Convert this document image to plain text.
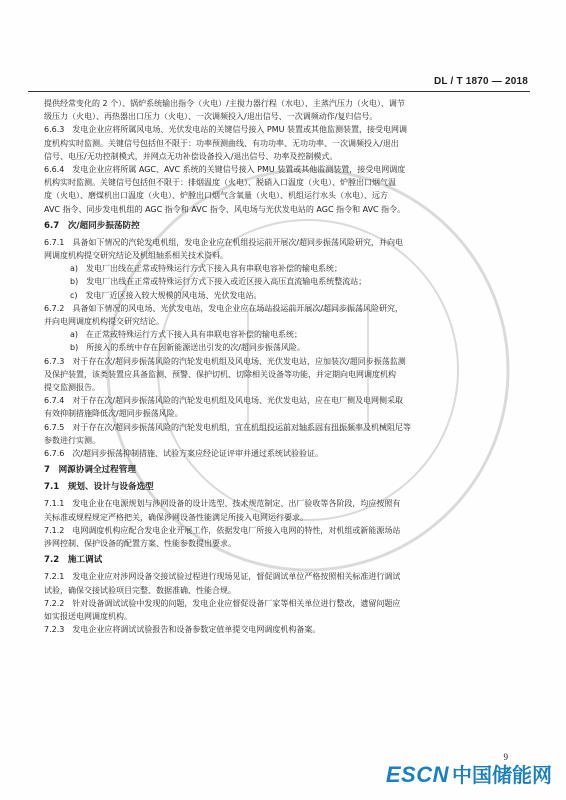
DL / T 1870 — 2018
提供经常变化的 2 个）、锅炉系统输出指令（火电）/主搅力器行程（水电）、主蒸汽压力（火电）、调节
级压力（火电）、再热器出口压力（火电）、一次调频投入/退出信号、一次调频动作/复归信号。
6.6.3　发电企业应将所属风电场、光伏发电站的关键信号接入 PMU 装置或其他监测装置，接受电网调
度机构实时监测。关键信号包括但不限于：功率预测曲线、有功功率、无功功率、一次调频投入/退出
信号、电压/无功控制模式，并网点无功补偿设备投入/退出信号、功率及控制模式。
6.6.4　发电企业应将所属 AGC、AVC 系统的关键信号接入 PMU 装置或其他监测装置，接受电网调度
机构实时监测。关键信号包括但不限于：排烟温度（火电）、脱硝入口温度（火电）、炉膛出口烟气温
度（火电）、磨煤机出口温度（火电）、炉膛出口烟气含氧量（火电）、机组运行水头（水电）、远方
AVC 指令、同步发电机组的 AGC 指令和 AVC 指令、风电场与光伏发电站的 AGC 指令和 AVC 指令。
6.7　次/超同步振荡防控
6.7.1　具备如下情况的汽轮发电机组，发电企业应在机组投运前开展次/超同步振荡风险研究，并向电
网调度机构提交研究结论及机组轴系相关技术资料。
a)　发电厂出线在正常或特殊运行方式下接入具有串联电容补偿的输电系统；
b)　发电厂出线在正常或特殊运行方式下接入或近区接入高压直流输电系统整流站；
c)　发电厂近区接入较大规模的风电场、光伏发电站。
6.7.2　具备如下情况的风电场、光伏发电站，发电企业应在场站投运前开展次/超同步振荡风险研究，
并向电网调度机构提交研究结论。
a)　在正常或特殊运行方式下接入具有串联电容补偿的输电系统；
b)　所接入的系统中存在因新能源送出引发的次/超同步振荡风险。
6.7.3　对于存在次/超同步振荡风险的汽轮发电机组及风电场、光伏发电站，应加装次/超同步振荡监测
及保护装置，该类装置应具备监测、预警、保护切机、切除相关设备等功能，并定期向电网调度机构
提交监测报告。
6.7.4　对于存在次/超同步振荡风险的汽轮发电机组及风电场、光伏发电站，应在电厂侧及电网侧采取
有效抑制措施降低次/超同步振荡风险。
6.7.5　对于存在次/超同步振荡风险的汽轮发电机组，宜在机组投运前对轴系固有扭振频率及机械阻尼等
参数进行实测。
6.7.6　次/超同步振荡抑制措施、试验方案应经论证评审并通过系统试验验证。
7　网源协调全过程管理
7.1　规划、设计与设备选型
7.1.1　发电企业在电源规划与涉网设备的设计选型、技术规范制定、出厂验收等各阶段，均应按照有
关标准或规程规定严格把关，确保涉网设备性能满足所接入电网运行要求。
7.1.2　电网调度机构应配合发电企业开展工作，依据发电厂所接入电网的特性，对机组或新能源场站
涉网控制、保护设备的配置方案、性能参数提出要求。
7.2　施工调试
7.2.1　发电企业应对涉网设备交接试验过程进行现场见证，督促调试单位严格按照相关标准进行调试
试验，确保交接试验项目完整、数据准确、性能合规。
7.2.2　针对设备调试试验中发现的问题，发电企业应督促设备厂家等相关单位进行整改，遗留问题应
如实报送电网调度机构。
7.2.3　发电企业应将调试试验报告和设备参数定值单提交电网调度机构备案。
9
ESCN 中国储能网
